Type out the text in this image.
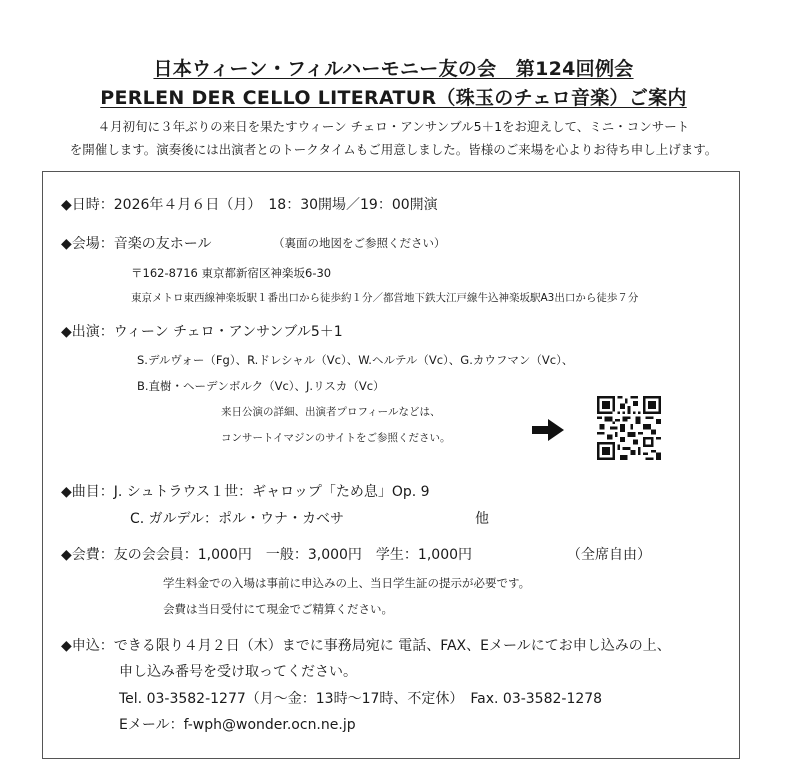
日本ウィーン・フィルハーモニー友の会　第124回例会
PERLEN DER CELLO LITERATUR（珠玉のチェロ音楽）ご案内
４月初旬に３年ぶりの来日を果たすウィーン チェロ・アンサンブル5＋1をお迎えして、ミニ・コンサート
を開催します。演奏後には出演者とのトークタイムもご用意しました。皆様のご来場を心よりお待ち申し上げます。
◆日時：2026年４月６日（月）　18：30開場／19：00開演
◆会場：音楽の友ホール	（裏面の地図をご参照ください）
〒162-8716 東京都新宿区神楽坂6-30
東京メトロ東西線神楽坂駅１番出口から徒歩約１分／都営地下鉄大江戸線牛込神楽坂駅A3出口から徒歩７分
◆出演：ウィーン チェロ・アンサンブル5＋1
S.デルヴォー（Fg）、R.ドレシャル（Vc）、W.ヘルテル（Vc）、G.カウフマン（Vc）、
B.直樹・ヘーデンボルク（Vc）、J.リスカ（Vc）
来日公演の詳細、出演者プロフィールなどは、
コンサートイマジンのサイトをご参照ください。
◆曲目：J. シュトラウス１世：ギャロップ「ため息」Op. 9
C. ガルデル：ポル・ウナ・カベサ	他
◆会費：友の会会員：1,000円　一般：3,000円　学生：1,000円	（全席自由）
学生料金での入場は事前に申込みの上、当日学生証の提示が必要です。
会費は当日受付にて現金でご精算ください。
◆申込：できる限り４月２日（木）までに事務局宛に 電話、FAX、Eメールにてお申し込みの上、
申し込み番号を受け取ってください。
Tel. 03-3582-1277（月～金：13時～17時、不定休）　Fax. 03-3582-1278
Eメール：f-wph@wonder.ocn.ne.jp
